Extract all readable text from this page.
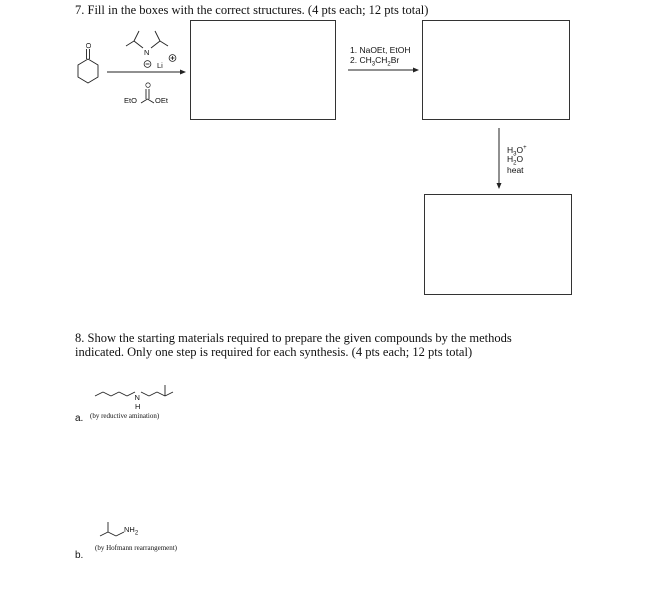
7. Fill in the boxes with the correct structures. (4 pts each; 12 pts total)
O
N
Li
O
EtO OEt
1. NaOEt, EtOH
2. $CH_3CH_2Br$
$H_3O^+$
$H_2O$
heat
8. Show the starting materials required to prepare the given compounds by the methods
indicated. Only one step is required for each synthesis. (4 pts each; 12 pts total)
N
H
a. (by reductive amination)
$NH_2$
b.
(by Hofmann rearrangement)
